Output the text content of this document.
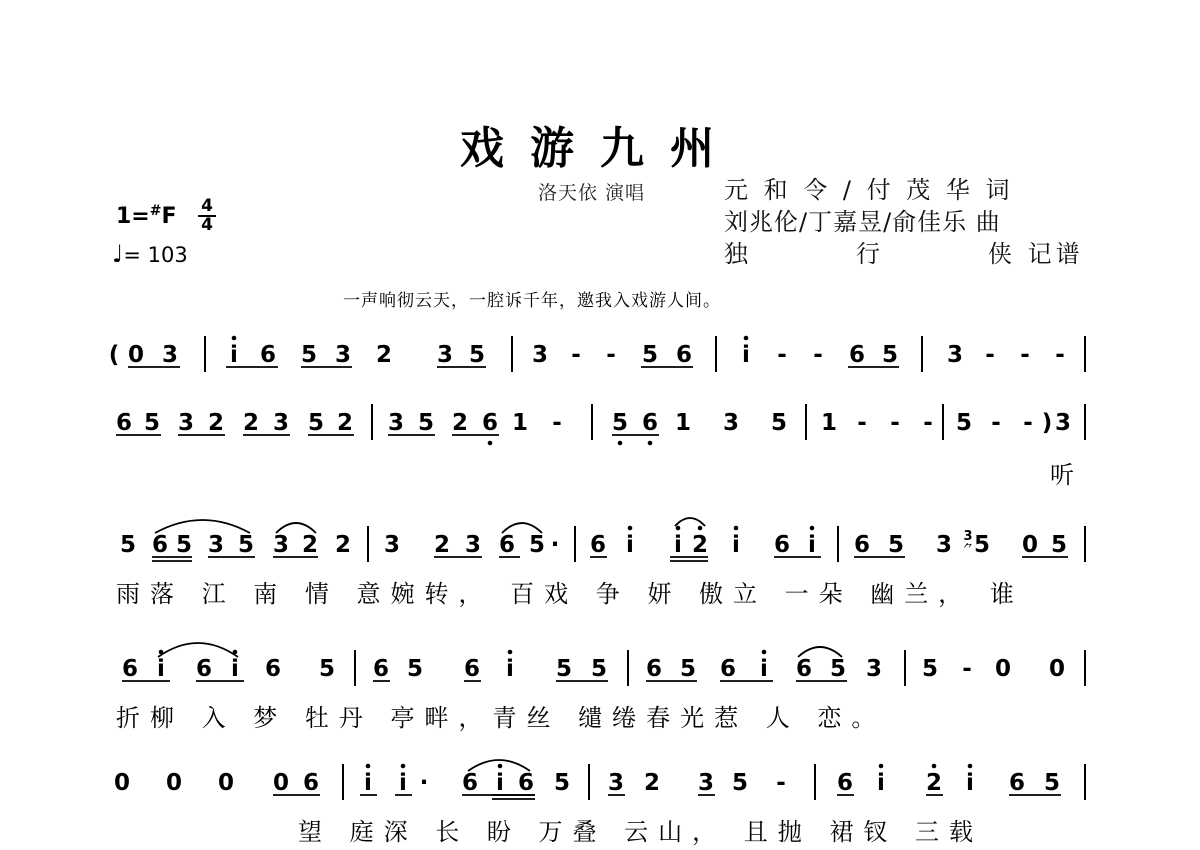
戏游九州
洛天依 演唱	元 和 令 / 付 茂 华 词
刘兆伦/丁嘉昱/俞佳乐 曲
独	行	侠 记谱
1=#F 4
4
♩= 103
一声响彻云天，一腔诉千年，邀我入戏游人间。
( 0 3 i 6 5 3 2 3 5 3 - - 5 6 i - - 6 5 3 - - -
6 5 3 2 2 3 5 2 3 5 2 6 1 - 5 6 1 3 5 1 - - - 5 - - ) 3
5 6 5 3 5 3 2 2 3 2 3 6 5 · 6 i i 2 i 6 i 6 5 3 5 0 5
3
⺈
6 i 6 i 6 5 6 5 6 i 5 5 6 5 6 i 6 5 3 5 - 0 0
0 0 0 0 6 i i · 6 i 6 5 3 2 3 5 - 6 i 2 i 6 5
听
雨落 江 南 情 意婉转， 百戏 争 妍 傲立 一朵 幽兰， 谁
折柳 入 梦 牡丹 亭畔，青丝 缱绻春光惹 人 恋。
望 庭深 长 盼 万叠 云山， 且抛 裙钗 三载
